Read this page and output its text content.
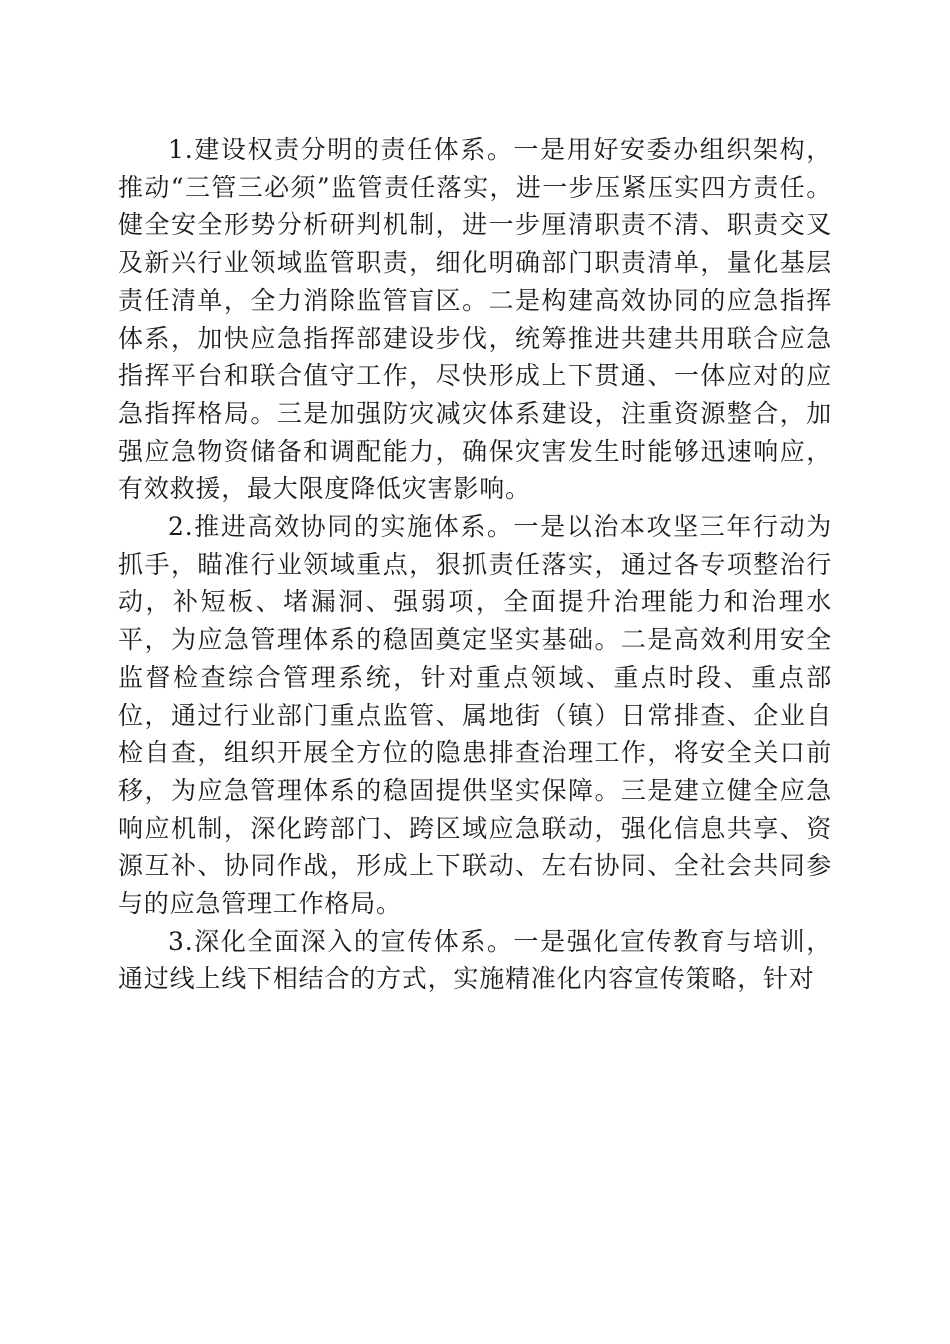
1.建设权责分明的责任体系。一是用好安委办组织架构，推动“三管三必须”监管责任落实，进一步压紧压实四方责任。健全安全形势分析研判机制，进一步厘清职责不清、职责交叉及新兴行业领域监管职责，细化明确部门职责清单，量化基层责任清单，全力消除监管盲区。二是构建高效协同的应急指挥体系，加快应急指挥部建设步伐，统筹推进共建共用联合应急指挥平台和联合值守工作，尽快形成上下贯通、一体应对的应急指挥格局。三是加强防灾减灾体系建设，注重资源整合，加强应急物资储备和调配能力，确保灾害发生时能够迅速响应，有效救援，最大限度降低灾害影响。

2.推进高效协同的实施体系。一是以治本攻坚三年行动为抓手，瞄准行业领域重点，狠抓责任落实，通过各专项整治行动，补短板、堵漏洞、强弱项，全面提升治理能力和治理水平，为应急管理体系的稳固奠定坚实基础。二是高效利用安全监督检查综合管理系统，针对重点领域、重点时段、重点部位，通过行业部门重点监管、属地街（镇）日常排查、企业自检自查，组织开展全方位的隐患排查治理工作，将安全关口前移，为应急管理体系的稳固提供坚实保障。三是建立健全应急响应机制，深化跨部门、跨区域应急联动，强化信息共享、资源互补、协同作战，形成上下联动、左右协同、全社会共同参与的应急管理工作格局。

3.深化全面深入的宣传体系。一是强化宣传教育与培训，通过线上线下相结合的方式，实施精准化内容宣传策略，针对
